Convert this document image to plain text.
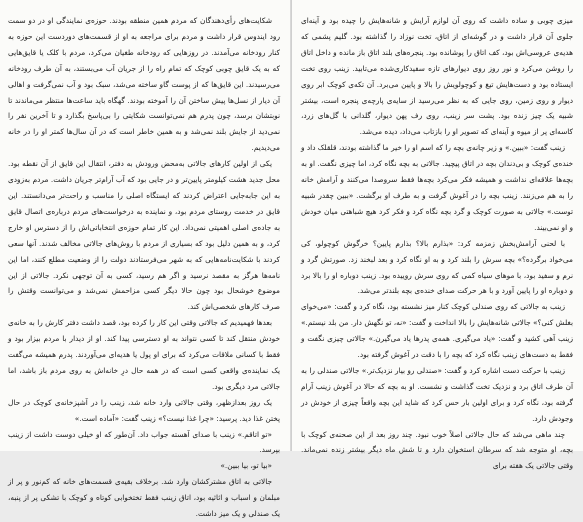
شکایت‌های رأی‌دهندگان که مردم همین منطقه بودند. حوزه‌ی نمایندگی او در دو سمت رود ایندوس قرار داشت و مردم برای مراجعه به او از قسمت‌های دوردست این حوزه به کنار رودخانه می‌آمدند. در روزهایی که رودخانه طغیان می‌کرد، مردم با کلک یا قایق‌هایی که به یک قایق چوبی کوچک که تمام راه را از جریان آب می‌بستند، به آن طرف رودخانه می‌رسیدند. این قایق‌ها که از پوست گاو ساخته می‌شد، سبک بود و آب نمی‌گرفت و اهالی آن دیار از نسل‌ها پیش ساختن آن را آموخته بودند. گهگاه باید ساعت‌ها منتظر می‌ماندند تا نوبتشان برسد، چون پدرم هم نمی‌توانست شکایتی را بی‌پاسخ بگذارد و تا آخرین نفر را نمی‌دید از جایش بلند نمی‌شد و به همین خاطر است که در آن سال‌ها کمتر او را در خانه می‌دیدیم.

یکی از اولین کارهای جالاتی به‌محض ورودش به دفتر، انتقال این قایق از آن نقطه بود. محل جدید هشت کیلومتر پایین‌تر و در جایی بود که آب آرام‌تر جریان داشت. مردم به‌زودی به این جابه‌جایی اعتراض کردند که ایستگاه اصلی را مناسب و راحت‌تر می‌دانستند. این قایق در خدمت روستای مردم بود، و نماینده به درخواست‌های مردم درباره‌ی اتصال قایق به جاده‌ی اصلی اهمیتی نمی‌داد. این کار تمام حوزه‌ی انتخاباتی‌اش را از دسترس او خارج کرد، و به همین دلیل بود که بسیاری از مردم با روش‌های جالاتی مخالف شدند. آنها سعی کردند با شکایت‌نامه‌هایی که به شهر می‌فرستادند دولت را از وضعیت مطلع کنند، اما این نامه‌ها هرگز به مقصد نرسید و اگر هم رسید، کسی به آن توجهی نکرد. جالاتی از این موضوع خوشحال بود چون حالا دیگر کسی مزاحمش نمی‌شد و می‌توانست وقتش را صرف کارهای شخصی‌اش کند.

بعدها فهمیدیم که جالاتی وقتی این کار را کرده بود، قصد داشت دفتر کارش را به خانه‌ی خودش منتقل کند تا کسی نتواند به او دسترسی پیدا کند. او از دیدار با مردم بیزار بود و فقط با کسانی ملاقات می‌کرد که برای او پول یا هدیه‌ای می‌آوردند. پدرم همیشه می‌گفت یک نماینده‌ی واقعی کسی است که در همه حال درِ خانه‌اش به روی مردم باز باشد، اما جالاتی مرد دیگری بود.

یک روز بعدازظهر، وقتی جالاتی وارد خانه شد، زینب را در آشپزخانه‌ی کوچک در حال پختن غذا دید. پرسید: «چرا غذا نیست؟» زینب گفت: «آماده است.»

«تو اتاقم.» زینب با صدای آهسته جواب داد. آن‌طور که او خیلی دوست داشت از زینب بپرسد.

«بیا تو، بیا ببین.»

جالاتی به اتاق مشترکشان وارد شد. برخلاف بقیه‌ی قسمت‌های خانه که کم‌نور و پر از مبلمان و اسباب و اثاثیه بود، اتاق زینب فقط تختخوابی کوتاه و کوچک با تشکی پر از پنبه، یک صندلی و یک میز داشت.

میزی چوبی و ساده داشت که روی آن لوازم آرایش و شانه‌هایش را چیده بود و آینه‌ای جلوی آن قرار داشت و در گوشه‌ای از اتاق، تخت نوزاد را گذاشته بود. گلیم پشمی که هدیه‌ی عروسی‌اش بود، کف اتاق را پوشانده بود. پنجره‌های بلند اتاق باز مانده و داخل اتاق را روشن می‌کرد و نور روز روی دیوارهای تازه سفیدکاری‌شده می‌تابید. زینب روی تخت ایستاده بود و دست‌هایش تیغ و کوچولویش را بالا و پایین می‌برد. آن تکه‌ی کوچک ابر روی دیوار و روی زمین، روی جایی که به نظر می‌رسید از سایه‌ی پارچه‌ی پنجره است، بیشتر شبیه یک چیز زنده بود. پشت سر زینب، روی رف پهن دیوار، گلدانی با گل‌های زرد، کاسه‌ای پر از میوه و آینه‌ای که تصویر او را بازتاب می‌داد، دیده می‌شد.

زینب گفت: «ببین.» و زیر چانه‌ی بچه را که اسم او را خیر ما گذاشته بودند، قلقلک داد و خنده‌ی کوچک و بی‌دندان بچه در اتاق پیچید. جالاتی به بچه نگاه کرد، اما چیزی نگفت. او به بچه‌ها علاقه‌ای نداشت و همیشه فکر می‌کرد بچه‌ها فقط سروصدا می‌کنند و آرامش خانه را به هم می‌زنند. زینب بچه را در آغوش گرفت و به طرف او برگشت. «ببین چقدر شبیه توست.» جالاتی به صورت کوچک و گرد بچه نگاه کرد و فکر کرد هیچ شباهتی میان خودش و او نمی‌بیند.

با لحنی آرامش‌بخش زمزمه کرد: «بذارم بالا؟ بذارم پایین؟ خرگوش کوچولو، کی می‌خواد برگرده؟» بچه سرش را بلند کرد و به او نگاه کرد و بعد لبخند زد. صورتش گرد و نرم و سفید بود، با موهای سیاه کمی که روی سرش روییده بود. زینب دوباره او را بالا برد و دوباره او را پایین آورد و با هر حرکت صدای خنده‌ی بچه بلندتر می‌شد.

زینب به جالاتی که روی صندلی کوچک کنار میز نشسته بود، نگاه کرد و گفت: «می‌خوای بغلش کنی؟» جالاتی شانه‌هایش را بالا انداخت و گفت: «نه، تو نگهش دار. من بلد نیستم.» زینب آهی کشید و گفت: «یاد می‌گیری. همه‌ی پدرها یاد می‌گیرن.» جالاتی چیزی نگفت و فقط به دست‌های زینب نگاه کرد که بچه را با دقت در آغوش گرفته بود.

زینب با حرکت دست اشاره کرد و گفت: «صندلی رو بیار نزدیک‌تر.» جالاتی صندلی را به آن طرف اتاق برد و نزدیک تخت گذاشت و نشست. او به بچه که حالا در آغوش زینب آرام گرفته بود، نگاه کرد و برای اولین بار حس کرد که شاید این بچه واقعاً چیزی از خودش در وجودش دارد.

چند ماهی می‌شد که حال جالاتی اصلاً خوب نبود. چند روز بعد از این صحنه‌ی کوچک با بچه، او متوجه شد که سرطان استخوان دارد و تا شش ماه دیگر بیشتر زنده نمی‌ماند. وقتی جالاتی یک هفته برای
